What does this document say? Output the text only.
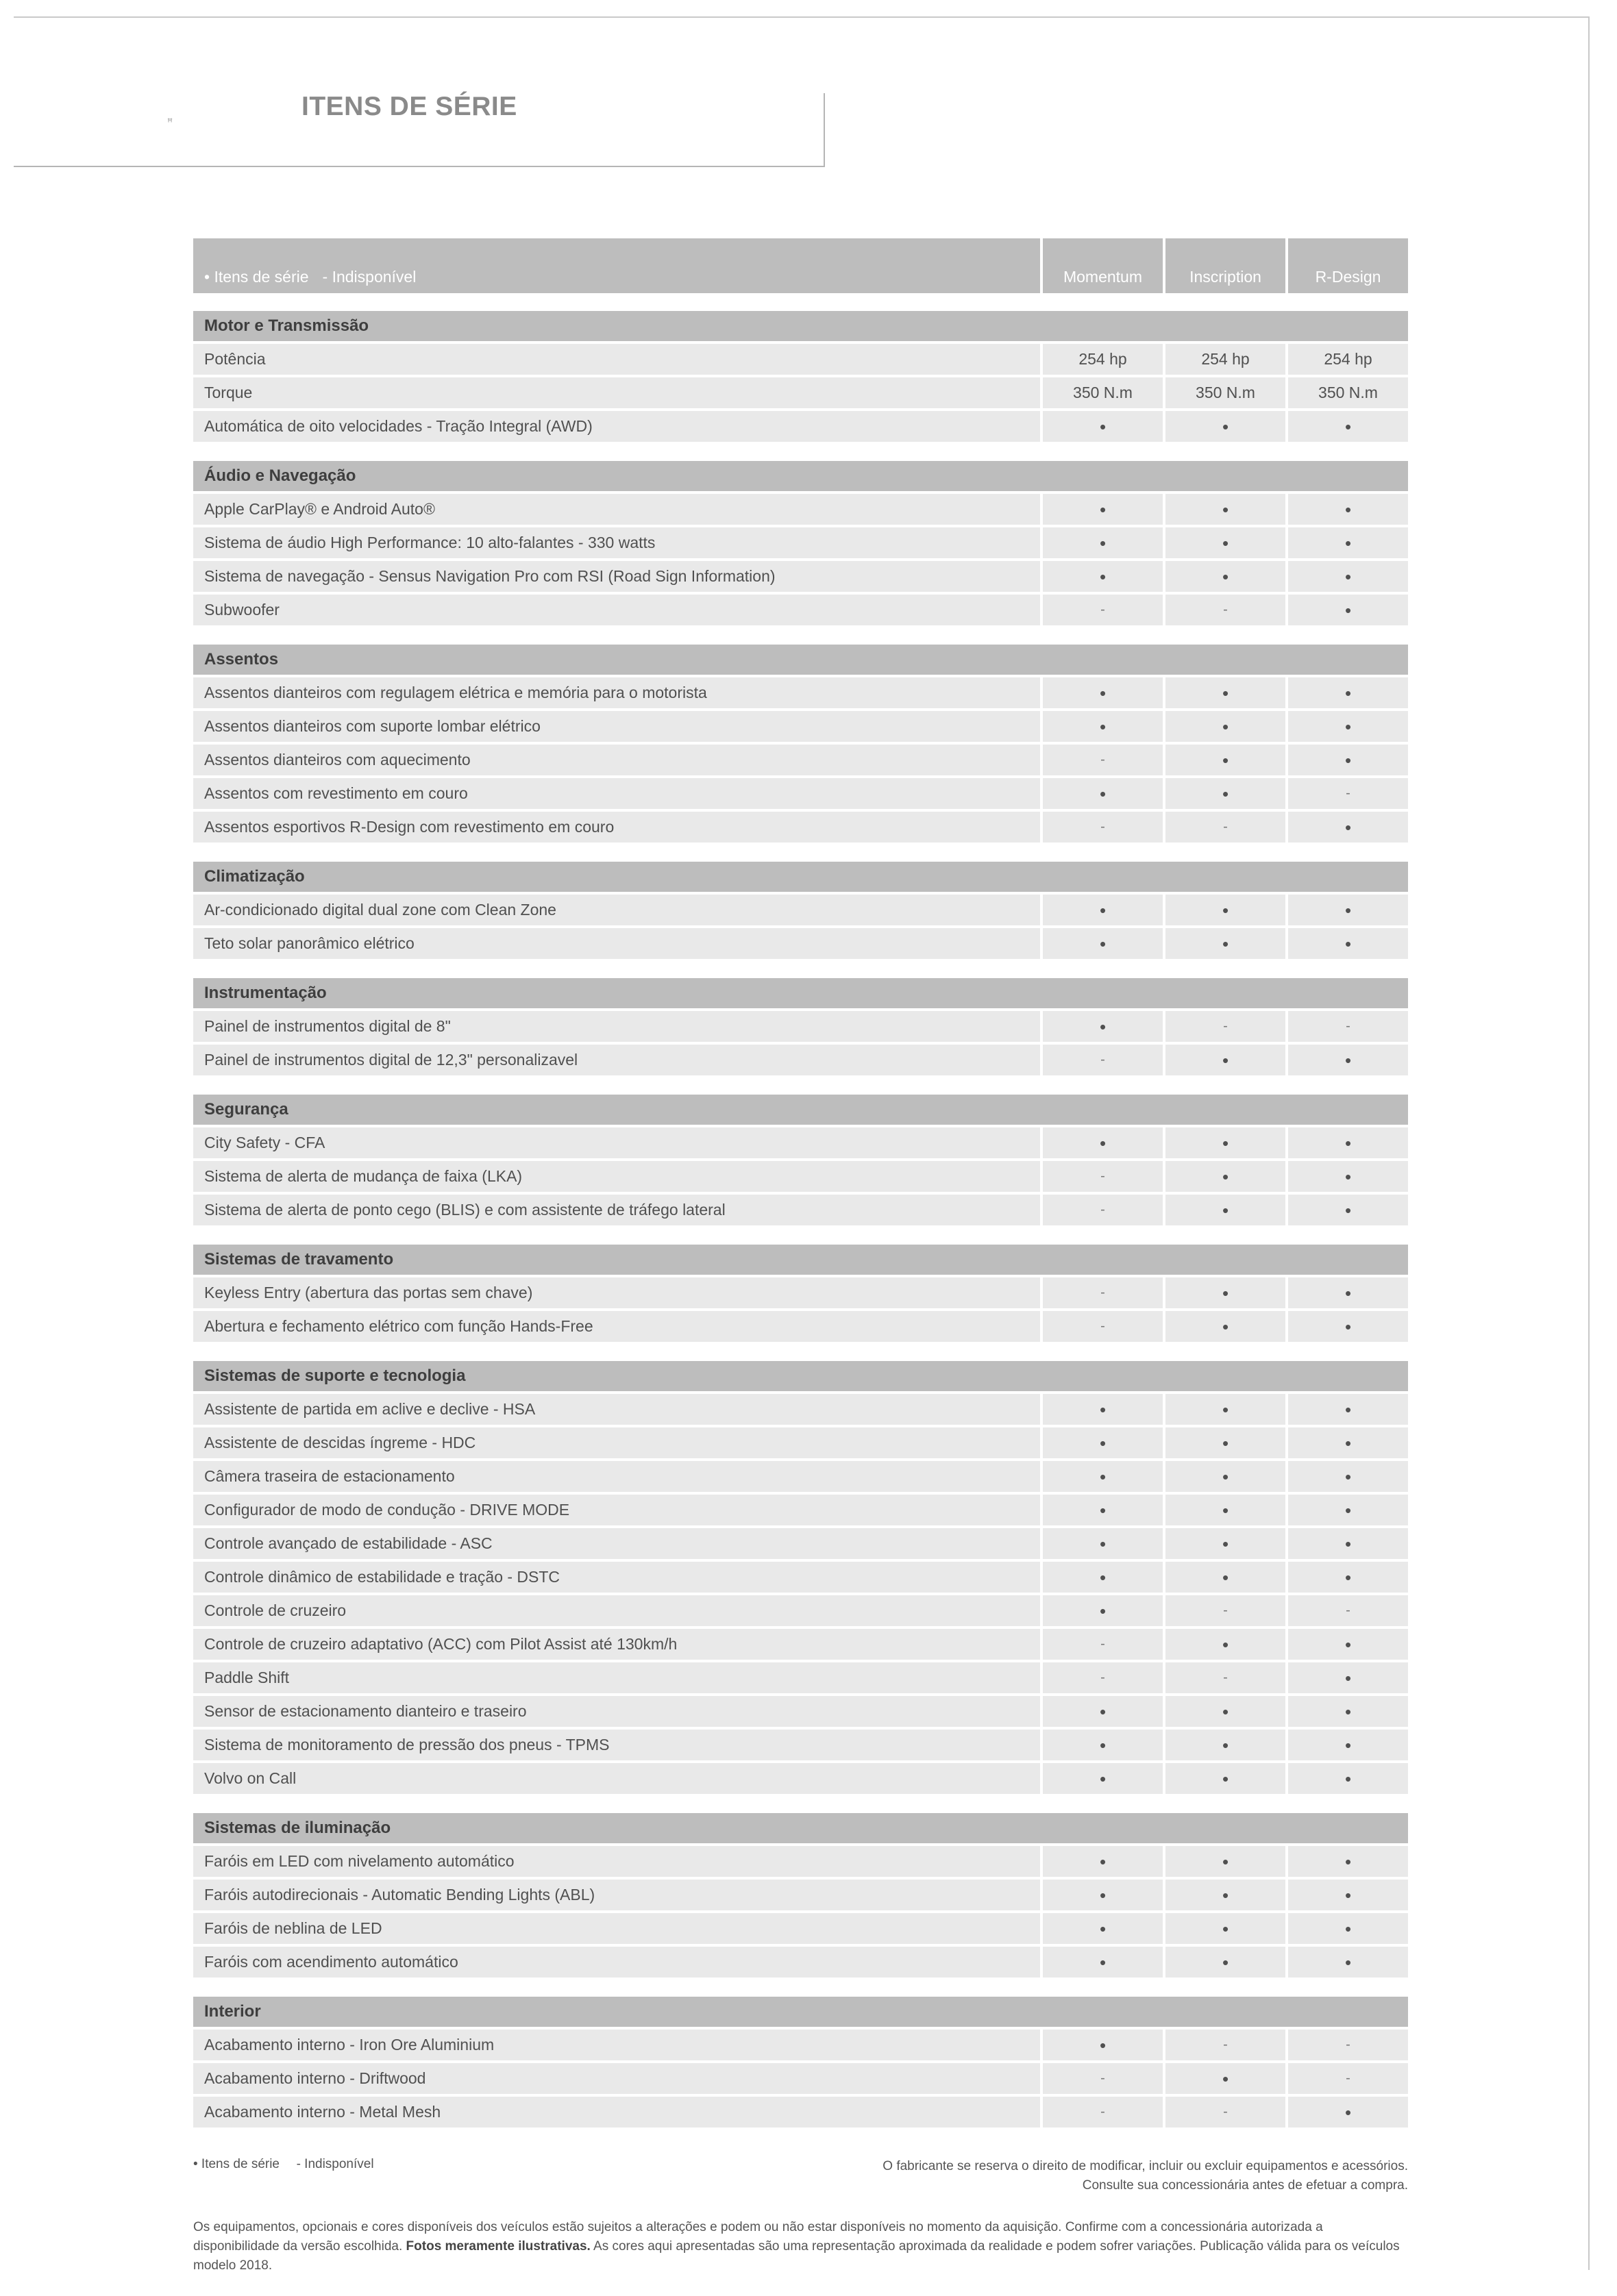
ꟸ
ITENS DE SÉRIE
• Itens de série - Indisponível	Momentum	Inscription	R-Design
Motor e Transmissão
Potência	254 hp	254 hp	254 hp
Torque	350 N.m	350 N.m	350 N.m
Automática de oito velocidades - Tração Integral (AWD)	•	•	•
Áudio e Navegação
Apple CarPlay® e Android Auto®	•	•	•
Sistema de áudio High Performance: 10 alto-falantes - 330 watts	•	•	•
Sistema de navegação - Sensus Navigation Pro com RSI (Road Sign Information)	•	•	•
Subwoofer	-	-	•
Assentos
Assentos dianteiros com regulagem elétrica e memória para o motorista	•	•	•
Assentos dianteiros com suporte lombar elétrico	•	•	•
Assentos dianteiros com aquecimento	-	•	•
Assentos com revestimento em couro	•	•	-
Assentos esportivos R-Design com revestimento em couro	-	-	•
Climatização
Ar-condicionado digital dual zone com Clean Zone	•	•	•
Teto solar panorâmico elétrico	•	•	•
Instrumentação
Painel de instrumentos digital de 8"	•	-	-
Painel de instrumentos digital de 12,3" personalizavel	-	•	•
Segurança
City Safety - CFA	•	•	•
Sistema de alerta de mudança de faixa (LKA)	-	•	•
Sistema de alerta de ponto cego (BLIS) e com assistente de tráfego lateral	-	•	•
Sistemas de travamento
Keyless Entry (abertura das portas sem chave)	-	•	•
Abertura e fechamento elétrico com função Hands-Free	-	•	•
Sistemas de suporte e tecnologia
Assistente de partida em aclive e declive - HSA	•	•	•
Assistente de descidas íngreme - HDC	•	•	•
Câmera traseira de estacionamento	•	•	•
Configurador de modo de condução - DRIVE MODE	•	•	•
Controle avançado de estabilidade - ASC	•	•	•
Controle dinâmico de estabilidade e tração - DSTC	•	•	•
Controle de cruzeiro	•	-	-
Controle de cruzeiro adaptativo (ACC) com Pilot Assist até 130km/h	-	•	•
Paddle Shift	-	-	•
Sensor de estacionamento dianteiro e traseiro	•	•	•
Sistema de monitoramento de pressão dos pneus - TPMS	•	•	•
Volvo on Call	•	•	•
Sistemas de iluminação
Faróis em LED com nivelamento automático	•	•	•
Faróis autodirecionais - Automatic Bending Lights (ABL)	•	•	•
Faróis de neblina de LED	•	•	•
Faróis com acendimento automático	•	•	•
Interior
Acabamento interno - Iron Ore Aluminium	•	-	-
Acabamento interno - Driftwood	-	•	-
Acabamento interno - Metal Mesh	-	-	•
• Itens de série - Indisponível	O fabricante se reserva o direito de modificar, incluir ou excluir equipamentos e acessórios.
Consulte sua concessionária antes de efetuar a compra.
Os equipamentos, opcionais e cores disponíveis dos veículos estão sujeitos a alterações e podem ou não estar disponíveis no momento da aquisição. Confirme com a concessionária autorizada a disponibilidade da versão escolhida. Fotos meramente ilustrativas. As cores aqui apresentadas são uma representação aproximada da realidade e podem sofrer variações. Publicação válida para os veículos modelo 2018.
